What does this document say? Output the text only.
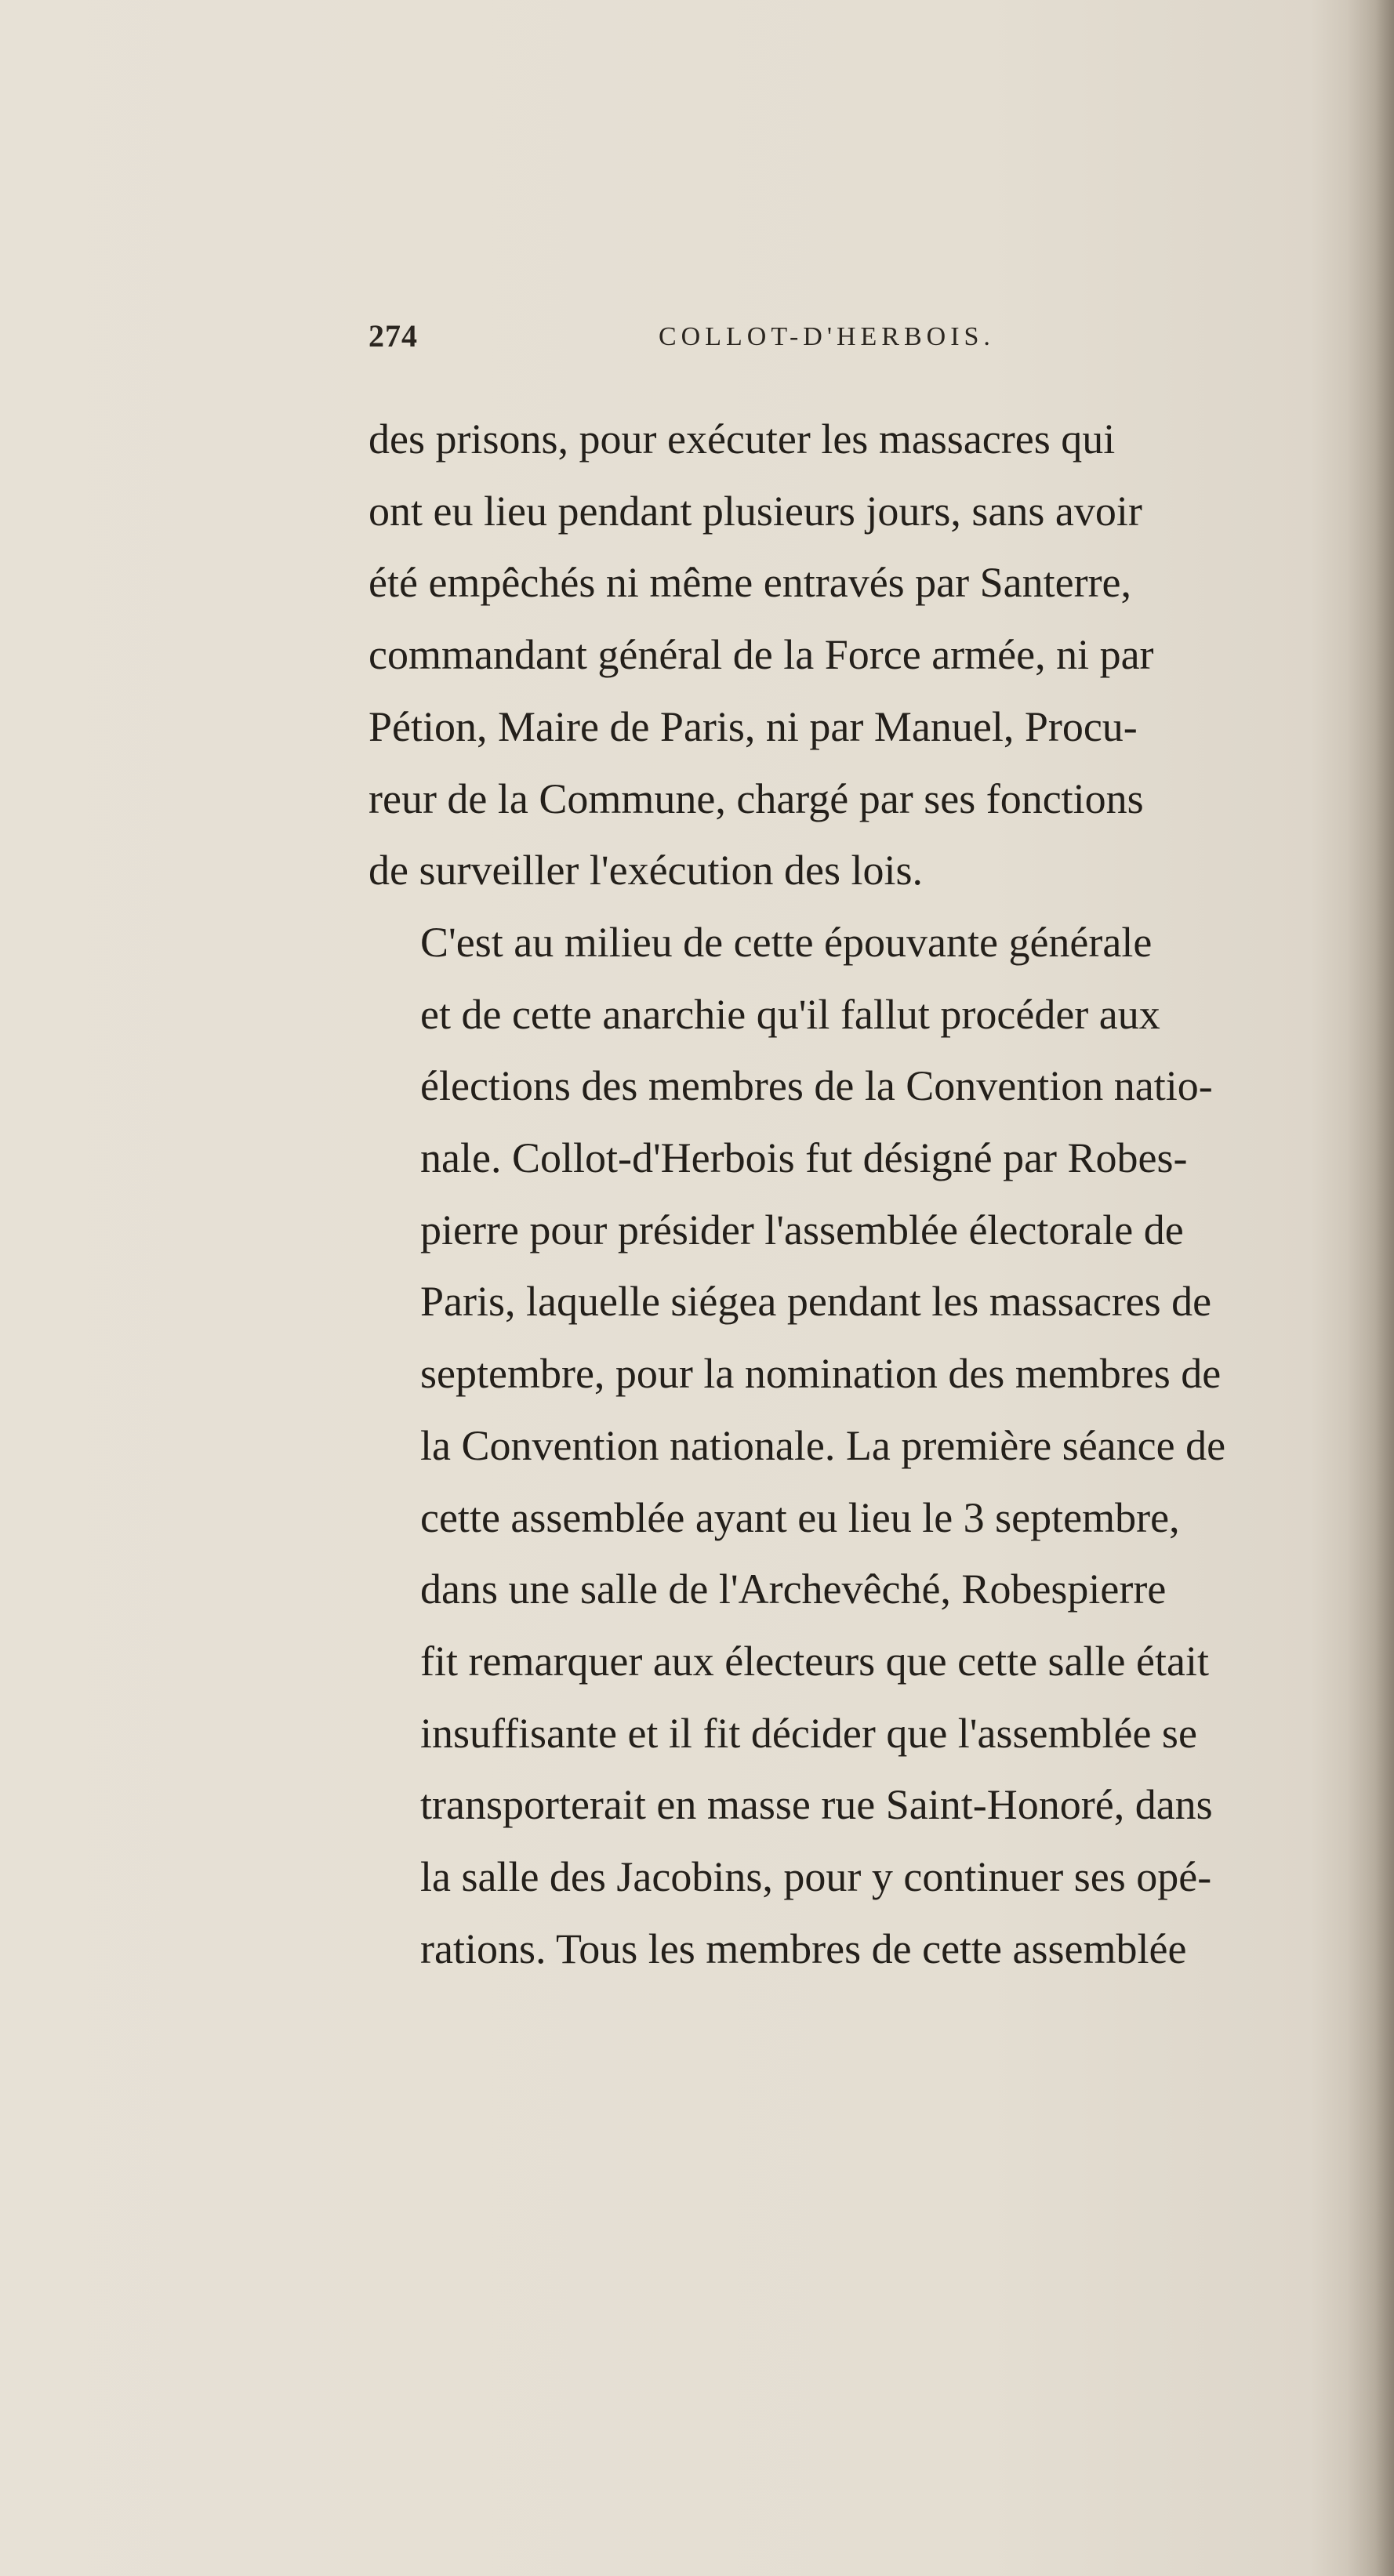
274	COLLOT-D'HERBOIS.

des prisons, pour exécuter les massacres qui
ont eu lieu pendant plusieurs jours, sans avoir
été empêchés ni même entravés par Santerre,
commandant général de la Force armée, ni par
Pétion, Maire de Paris, ni par Manuel, Procu-
reur de la Commune, chargé par ses fonctions
de surveiller l'exécution des lois.

C'est au milieu de cette épouvante générale
et de cette anarchie qu'il fallut procéder aux
élections des membres de la Convention natio-
nale. Collot-d'Herbois fut désigné par Robes-
pierre pour présider l'assemblée électorale de
Paris, laquelle siégea pendant les massacres de
septembre, pour la nomination des membres de
la Convention nationale. La première séance de
cette assemblée ayant eu lieu le 3 septembre,
dans une salle de l'Archevêché, Robespierre
fit remarquer aux électeurs que cette salle était
insuffisante et il fit décider que l'assemblée se
transporterait en masse rue Saint-Honoré, dans
la salle des Jacobins, pour y continuer ses opé-
rations. Tous les membres de cette assemblée
